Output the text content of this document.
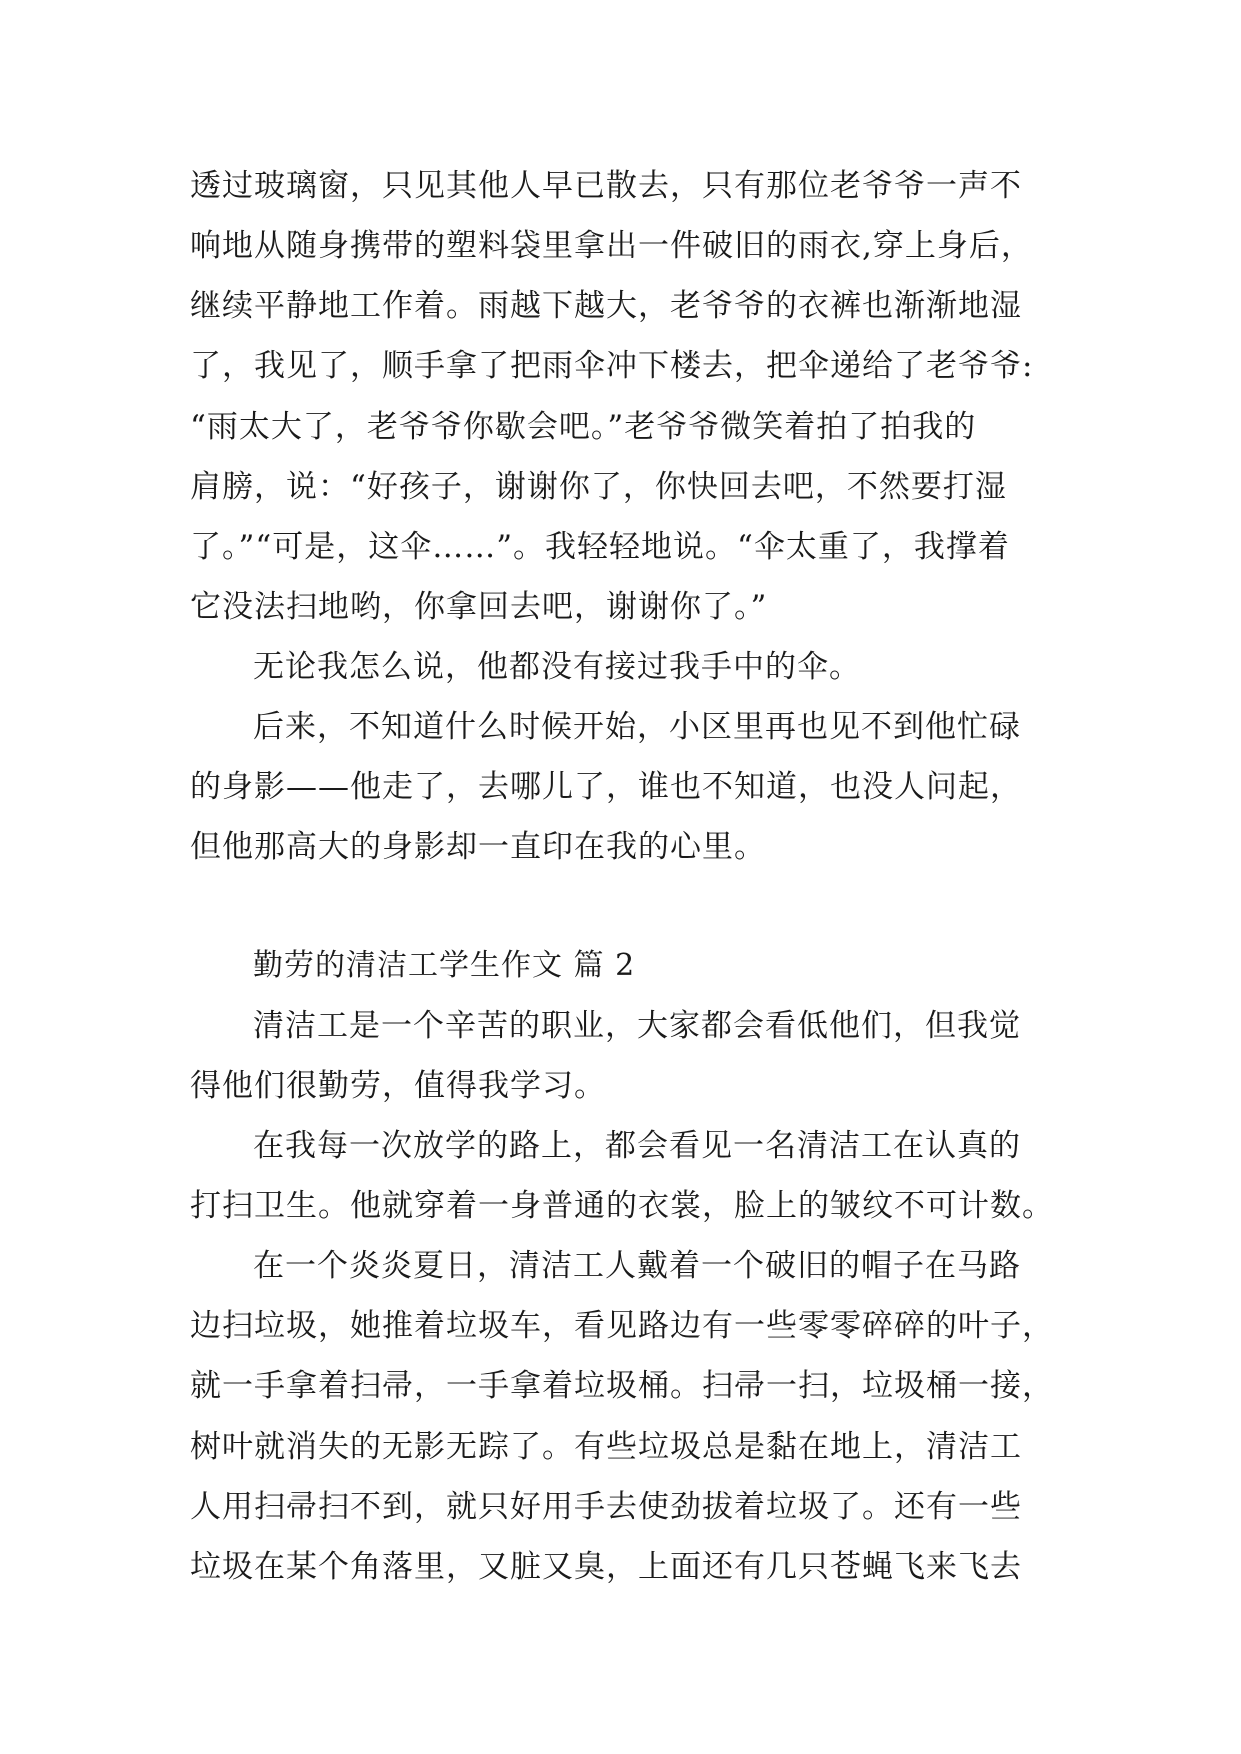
透过玻璃窗，只见其他人早已散去，只有那位老爷爷一声不
响地从随身携带的塑料袋里拿出一件破旧的雨衣,穿上身后，
继续平静地工作着。雨越下越大，老爷爷的衣裤也渐渐地湿
了，我见了，顺手拿了把雨伞冲下楼去，把伞递给了老爷爷:
“雨太大了，老爷爷你歇会吧。”老爷爷微笑着拍了拍我的
肩膀，说：“好孩子，谢谢你了，你快回去吧，不然要打湿
了。”“可是，这伞……”。我轻轻地说。“伞太重了，我撑着
它没法扫地哟，你拿回去吧，谢谢你了。”
无论我怎么说，他都没有接过我手中的伞。
后来，不知道什么时候开始，小区里再也见不到他忙碌
的身影——他走了，去哪儿了，谁也不知道，也没人问起，
但他那高大的身影却一直印在我的心里。
勤劳的清洁工学生作文 篇 2
清洁工是一个辛苦的职业，大家都会看低他们，但我觉
得他们很勤劳，值得我学习。
在我每一次放学的路上，都会看见一名清洁工在认真的
打扫卫生。他就穿着一身普通的衣裳，脸上的皱纹不可计数。
在一个炎炎夏日，清洁工人戴着一个破旧的帽子在马路
边扫垃圾，她推着垃圾车，看见路边有一些零零碎碎的叶子，
就一手拿着扫帚，一手拿着垃圾桶。扫帚一扫，垃圾桶一接，
树叶就消失的无影无踪了。有些垃圾总是黏在地上，清洁工
人用扫帚扫不到，就只好用手去使劲拔着垃圾了。还有一些
垃圾在某个角落里，又脏又臭，上面还有几只苍蝇飞来飞去
